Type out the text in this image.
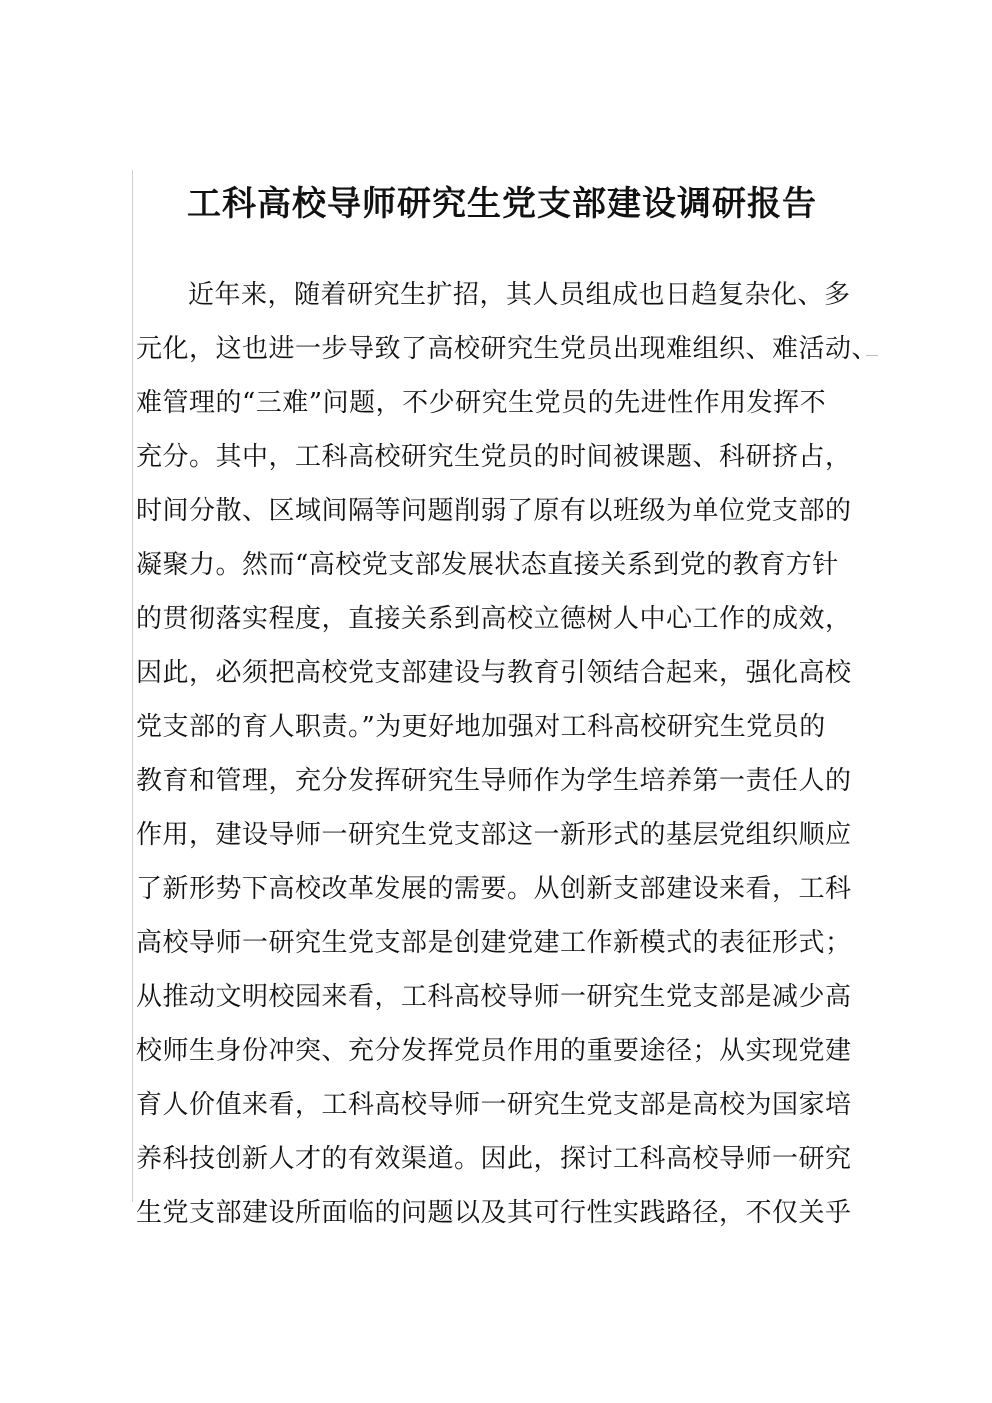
工科高校导师研究生党支部建设调研报告
近年来，随着研究生扩招，其人员组成也日趋复杂化、多
元化，这也进一步导致了高校研究生党员出现难组织、难活动、
难管理的“三难”问题，不少研究生党员的先进性作用发挥不
充分。其中，工科高校研究生党员的时间被课题、科研挤占，
时间分散、区域间隔等问题削弱了原有以班级为单位党支部的
凝聚力。然而“高校党支部发展状态直接关系到党的教育方针
的贯彻落实程度，直接关系到高校立德树人中心工作的成效，
因此，必须把高校党支部建设与教育引领结合起来，强化高校
党支部的育人职责。”为更好地加强对工科高校研究生党员的
教育和管理，充分发挥研究生导师作为学生培养第一责任人的
作用，建设导师一研究生党支部这一新形式的基层党组织顺应
了新形势下高校改革发展的需要。从创新支部建设来看，工科
高校导师一研究生党支部是创建党建工作新模式的表征形式；
从推动文明校园来看，工科高校导师一研究生党支部是减少高
校师生身份冲突、充分发挥党员作用的重要途径；从实现党建
育人价值来看，工科高校导师一研究生党支部是高校为国家培
养科技创新人才的有效渠道。因此，探讨工科高校导师一研究
生党支部建设所面临的问题以及其可行性实践路径，不仅关乎
